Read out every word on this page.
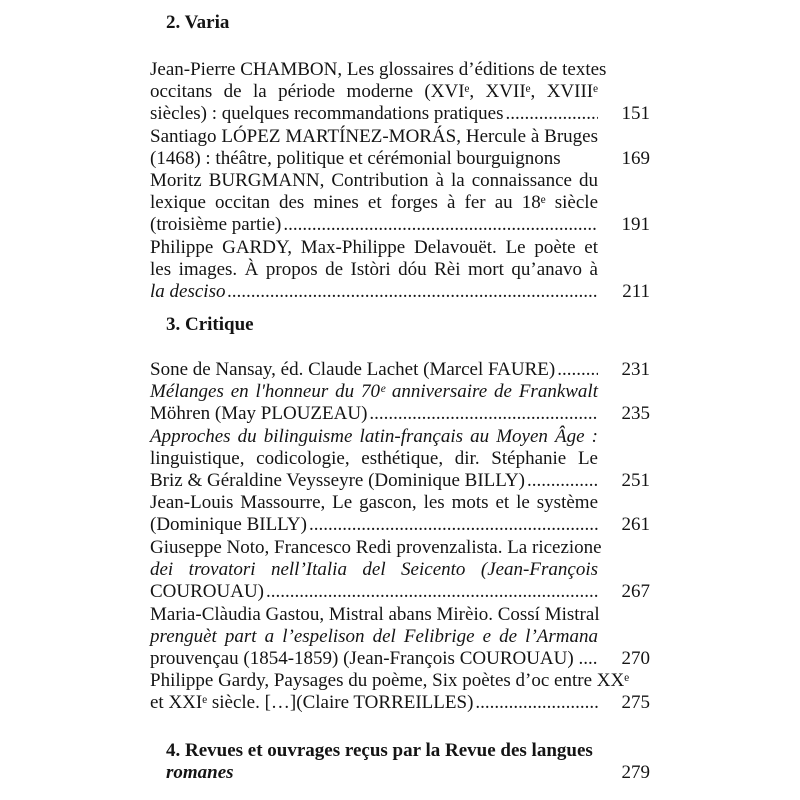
2. Varia
Jean-Pierre CHAMBON, Les glossaires d’éditions de textes
occitans de la période moderne (XVIᵉ, XVIIᵉ, XVIIIᵉ
siècles) : quelques recommandations pratiques .....	151
Santiago LÓPEZ MARTÍNEZ-MORÁS, Hercule à Bruges
(1468) : théâtre, politique et cérémonial bourguignons	169
Moritz BURGMANN, Contribution à la connaissance du
lexique occitan des mines et forges à fer au 18ᵉ siècle
(troisième partie) .....	191
Philippe GARDY, Max-Philippe Delavouët. Le poète et
les images. À propos de Istòri dóu Rèi mort qu’anavo à
la desciso .....	211
3. Critique
Sone de Nansay, éd. Claude Lachet (Marcel FAURE) .....	231
Mélanges en l'honneur du 70ᵉ anniversaire de Frankwalt
Möhren (May PLOUZEAU) .....	235
Approches du bilinguisme latin-français au Moyen Âge :
linguistique, codicologie, esthétique, dir. Stéphanie Le
Briz & Géraldine Veysseyre (Dominique BILLY) .....	251
Jean-Louis Massourre, Le gascon, les mots et le système
(Dominique BILLY) .....	261
Giuseppe Noto, Francesco Redi provenzalista. La ricezione
dei trovatori nell’Italia del Seicento (Jean-François
COUROUAU) .....	267
Maria-Clàudia Gastou, Mistral abans Mirèio. Cossí Mistral
prenguèt part a l’espelison del Felibrige e de l’Armana
prouvençau (1854-1859) (Jean-François COUROUAU) ....	270
Philippe Gardy, Paysages du poème, Six poètes d’oc entre XXᵉ
et XXIᵉ siècle. […](Claire TORREILLES) .....	275
4. Revues et ouvrages reçus par la Revue des langues
romanes	279
